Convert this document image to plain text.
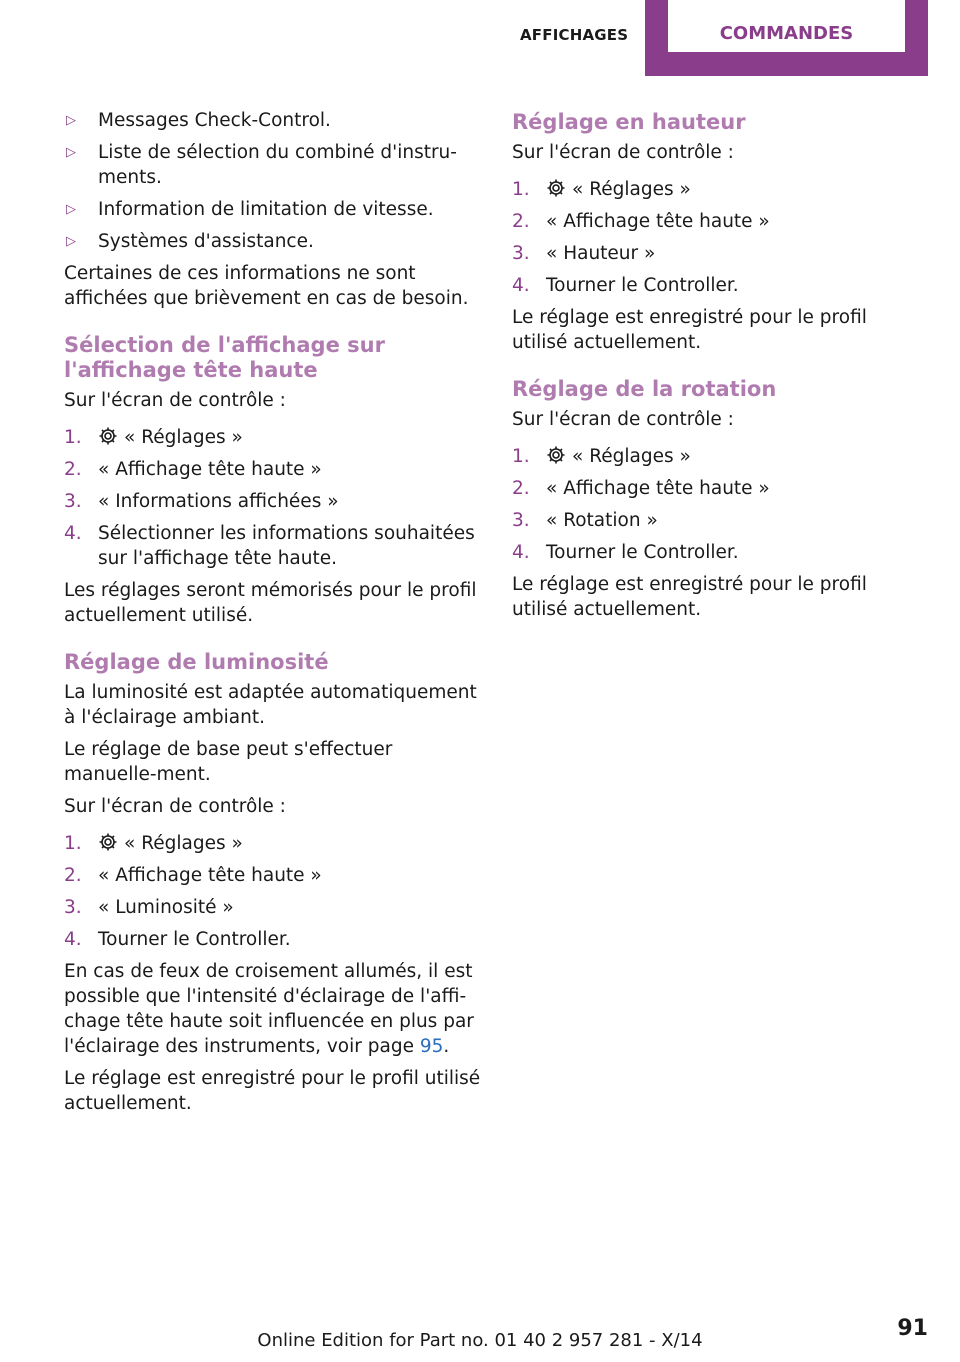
AFFICHAGES	COMMANDES
▷ Messages Check-Control.
▷ Liste de sélection du combiné d'instru-ments.
▷ Information de limitation de vitesse.
▷ Systèmes d'assistance.

Certaines de ces informations ne sont affichées que brièvement en cas de besoin.

Sélection de l'affichage sur l'affichage tête haute

Sur l'écran de contrôle :

1. « Réglages »
2. « Affichage tête haute »
3. « Informations affichées »
4. Sélectionner les informations souhaitées sur l'affichage tête haute.

Les réglages seront mémorisés pour le profil actuellement utilisé.

Réglage de luminosité

La luminosité est adaptée automatiquement à l'éclairage ambiant.

Le réglage de base peut s'effectuer manuelle-ment.

Sur l'écran de contrôle :

1. « Réglages »
2. « Affichage tête haute »
3. « Luminosité »
4. Tourner le Controller.

En cas de feux de croisement allumés, il est possible que l'intensité d'éclairage de l'affi-chage tête haute soit influencée en plus par l'éclairage des instruments, voir page 95.

Le réglage est enregistré pour le profil utilisé actuellement.

Réglage en hauteur

Sur l'écran de contrôle :

1. « Réglages »
2. « Affichage tête haute »
3. « Hauteur »
4. Tourner le Controller.

Le réglage est enregistré pour le profil utilisé actuellement.

Réglage de la rotation

Sur l'écran de contrôle :

1. « Réglages »
2. « Affichage tête haute »
3. « Rotation »
4. Tourner le Controller.

Le réglage est enregistré pour le profil utilisé actuellement.

91
Online Edition for Part no. 01 40 2 957 281 - X/14
